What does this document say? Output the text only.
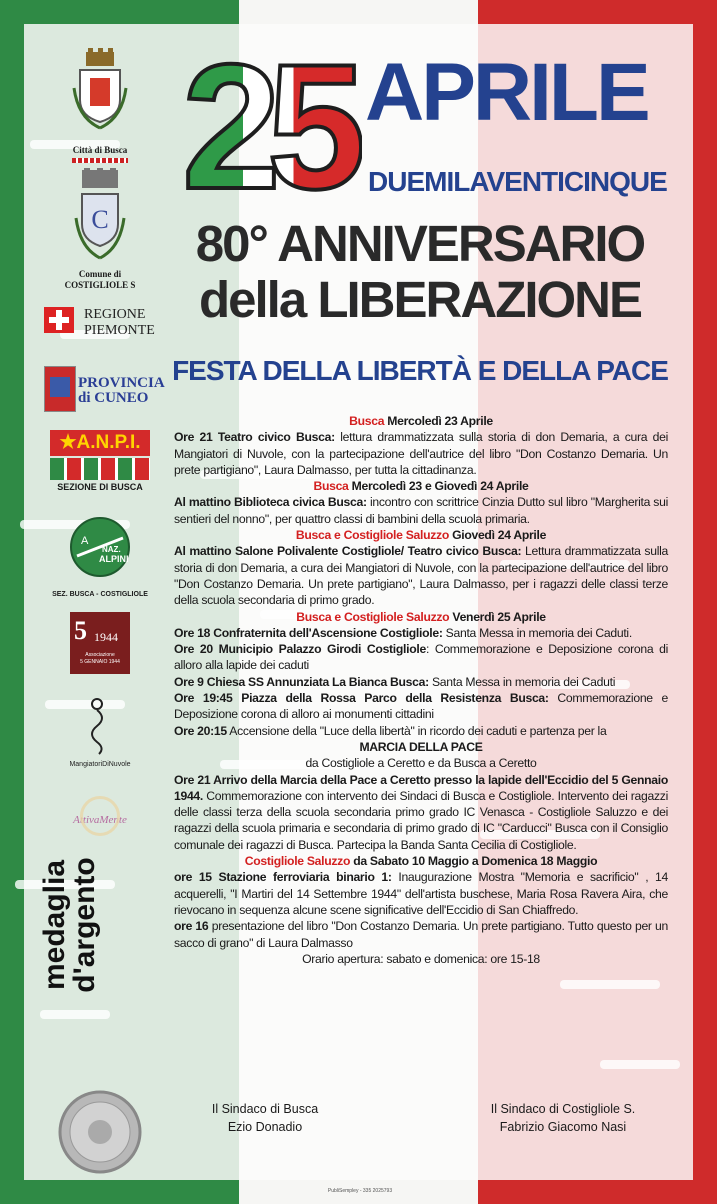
Città di Busca
C
Comune di
COSTIGLIOLE S
REGIONE
PIEMONTE
PROVINCIA
di CUNEO
★A.N.P.I.
SEZIONE DI BUSCA
A
NAZ.
ALPINI
SEZ. BUSCA - COSTIGLIOLE
5 1944
Associazione
5 GENNAIO 1944
MangiatoriDiNuvole
AttivaMente
medaglia
d'argento
25 APRILE
DUEMILAVENTICINQUE
80° ANNIVERSARIO
della LIBERAZIONE
FESTA DELLA LIBERTÀ E DELLA PACE

Busca Mercoledì 23 Aprile

Ore 21 Teatro civico Busca: lettura drammatizzata sulla storia di don Demaria, a cura dei Mangiatori di Nuvole, con la partecipazione dell'autrice del libro "Don Costanzo Demaria. Un prete partigiano", Laura Dalmasso, per tutta la cittadinanza.

Busca Mercoledì 23 e Giovedì 24 Aprile

Al mattino Biblioteca civica Busca: incontro con scrittrice Cinzia Dutto sul libro "Margherita sui sentieri del nonno", per quattro classi di bambini della scuola primaria.

Busca e Costigliole Saluzzo Giovedì 24 Aprile

Al mattino Salone Polivalente Costigliole/ Teatro civico Busca: Lettura drammatizzata sulla storia di don Demaria, a cura dei Mangiatori di Nuvole, con la partecipazione dell'autrice del libro "Don Costanzo Demaria. Un prete partigiano", Laura Dalmasso, per i ragazzi delle classi terze della scuola secondaria di primo grado.

Busca e Costigliole Saluzzo Venerdì 25 Aprile

Ore 18 Confraternita dell'Ascensione Costigliole: Santa Messa in memoria dei Caduti.

Ore 20 Municipio Palazzo Girodi Costigliole: Commemorazione e Deposizione corona di alloro alla lapide dei caduti

Ore 9 Chiesa SS Annunziata La Bianca Busca: Santa Messa in memoria dei Caduti

Ore 19:45 Piazza della Rossa Parco della Resistenza Busca: Commemorazione e Deposizione corona di alloro ai monumenti cittadini

Ore 20:15 Accensione della "Luce della libertà" in ricordo dei caduti e partenza per la

MARCIA DELLA PACE

da Costigliole a Ceretto e da Busca a Ceretto

Ore 21 Arrivo della Marcia della Pace a Ceretto presso la lapide dell'Eccidio del 5 Gennaio 1944. Commemorazione con intervento dei Sindaci di Busca e Costigliole. Intervento dei ragazzi delle classi terza della scuola secondaria primo grado IC Venasca - Costigliole Saluzzo e dei ragazzi della scuola primaria e secondaria di primo grado di IC "Carducci" Busca con il Consiglio comunale dei ragazzi di Busca. Partecipa la Banda Santa Cecilia di Costigliole.

Costigliole Saluzzo da Sabato 10 Maggio a Domenica 18 Maggio

ore 15 Stazione ferroviaria binario 1: Inaugurazione Mostra "Memoria e sacrificio" , 14 acquerelli, "I Martiri del 14 Settembre 1944" dell'artista buschese, Maria Rosa Ravera Aira, che rievocano in sequenza alcune scene significative dell'Eccidio di San Chiaffredo.

ore 16 presentazione del libro "Don Costanzo Demaria. Un prete partigiano. Tutto questo per un sacco di grano" di Laura Dalmasso

Orario apertura: sabato e domenica: ore 15-18

Il Sindaco di Busca
Ezio Donadio
Il Sindaco di Costigliole S.
Fabrizio Giacomo Nasi
PubliSempley - 335 2025793
